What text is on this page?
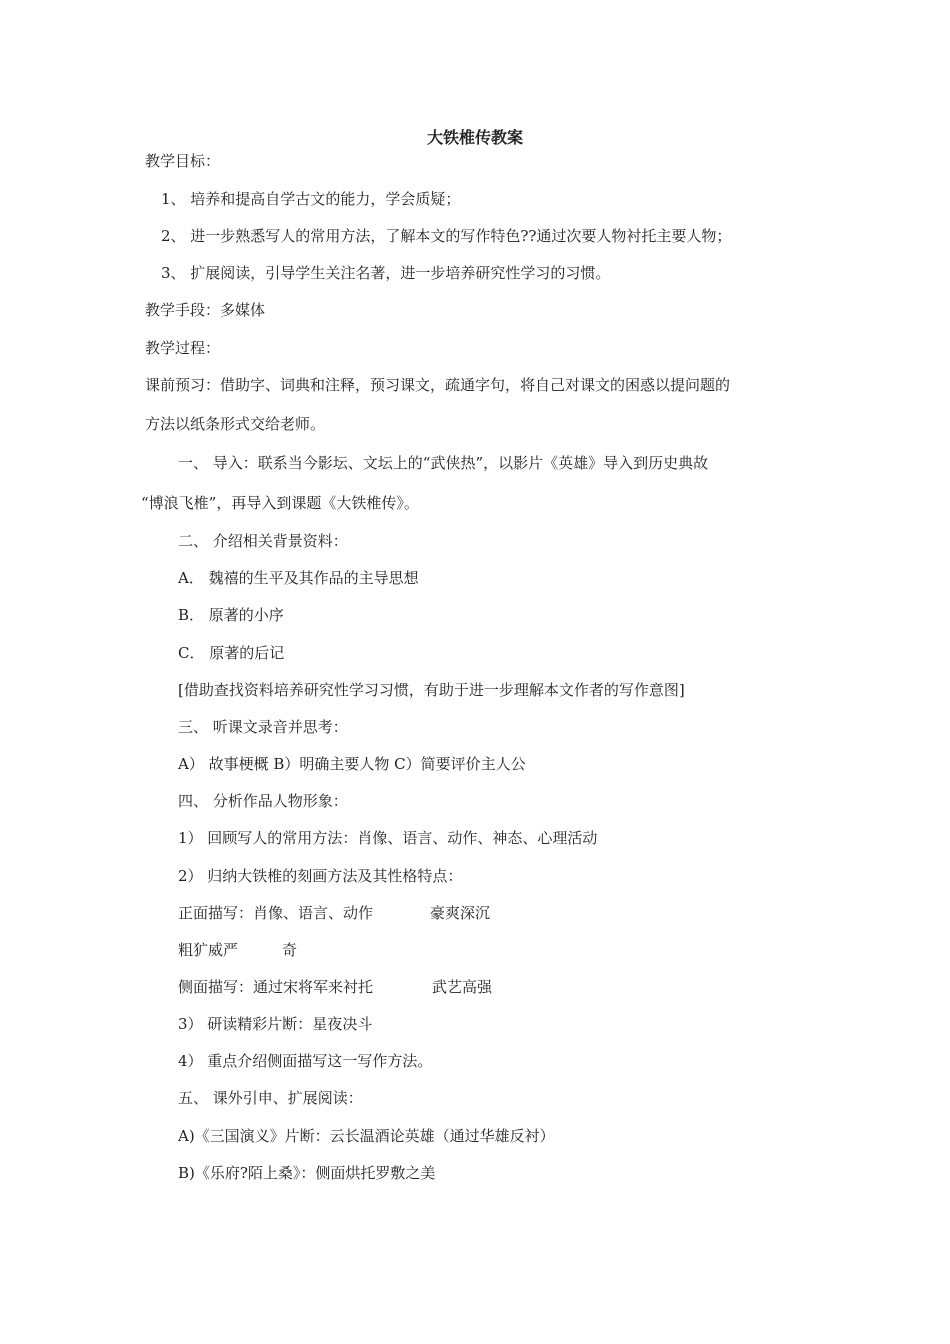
大铁椎传教案
教学目标：
1、 培养和提高自学古文的能力，学会质疑；
2、 进一步熟悉写人的常用方法，了解本文的写作特色??通过次要人物衬托主要人物；
3、 扩展阅读，引导学生关注名著，进一步培养研究性学习的习惯。
教学手段：多媒体
教学过程：
课前预习：借助字、词典和注释，预习课文，疏通字句，将自己对课文的困惑以提问题的
方法以纸条形式交给老师。
一、 导入：联系当今影坛、文坛上的“武侠热”，以影片《英雄》导入到历史典故
“博浪飞椎”，再导入到课题《大铁椎传》。
二、 介绍相关背景资料：
A． 魏禧的生平及其作品的主导思想
B． 原著的小序
C． 原著的后记
[借助查找资料培养研究性学习习惯，有助于进一步理解本文作者的写作意图]
三、 听课文录音并思考：
A） 故事梗概 B）明确主要人物 C）简要评价主人公
四、 分析作品人物形象：
1） 回顾写人的常用方法：肖像、语言、动作、神态、心理活动
2） 归纳大铁椎的刻画方法及其性格特点：
正面描写：肖像、语言、动作	豪爽深沉
粗犷威严	奇
侧面描写：通过宋将军来衬托	武艺高强
3） 研读精彩片断：星夜决斗
4） 重点介绍侧面描写这一写作方法。
五、 课外引申、扩展阅读：
A)《三国演义》片断：云长温酒论英雄（通过华雄反衬）
B)《乐府?陌上桑》：侧面烘托罗敷之美
